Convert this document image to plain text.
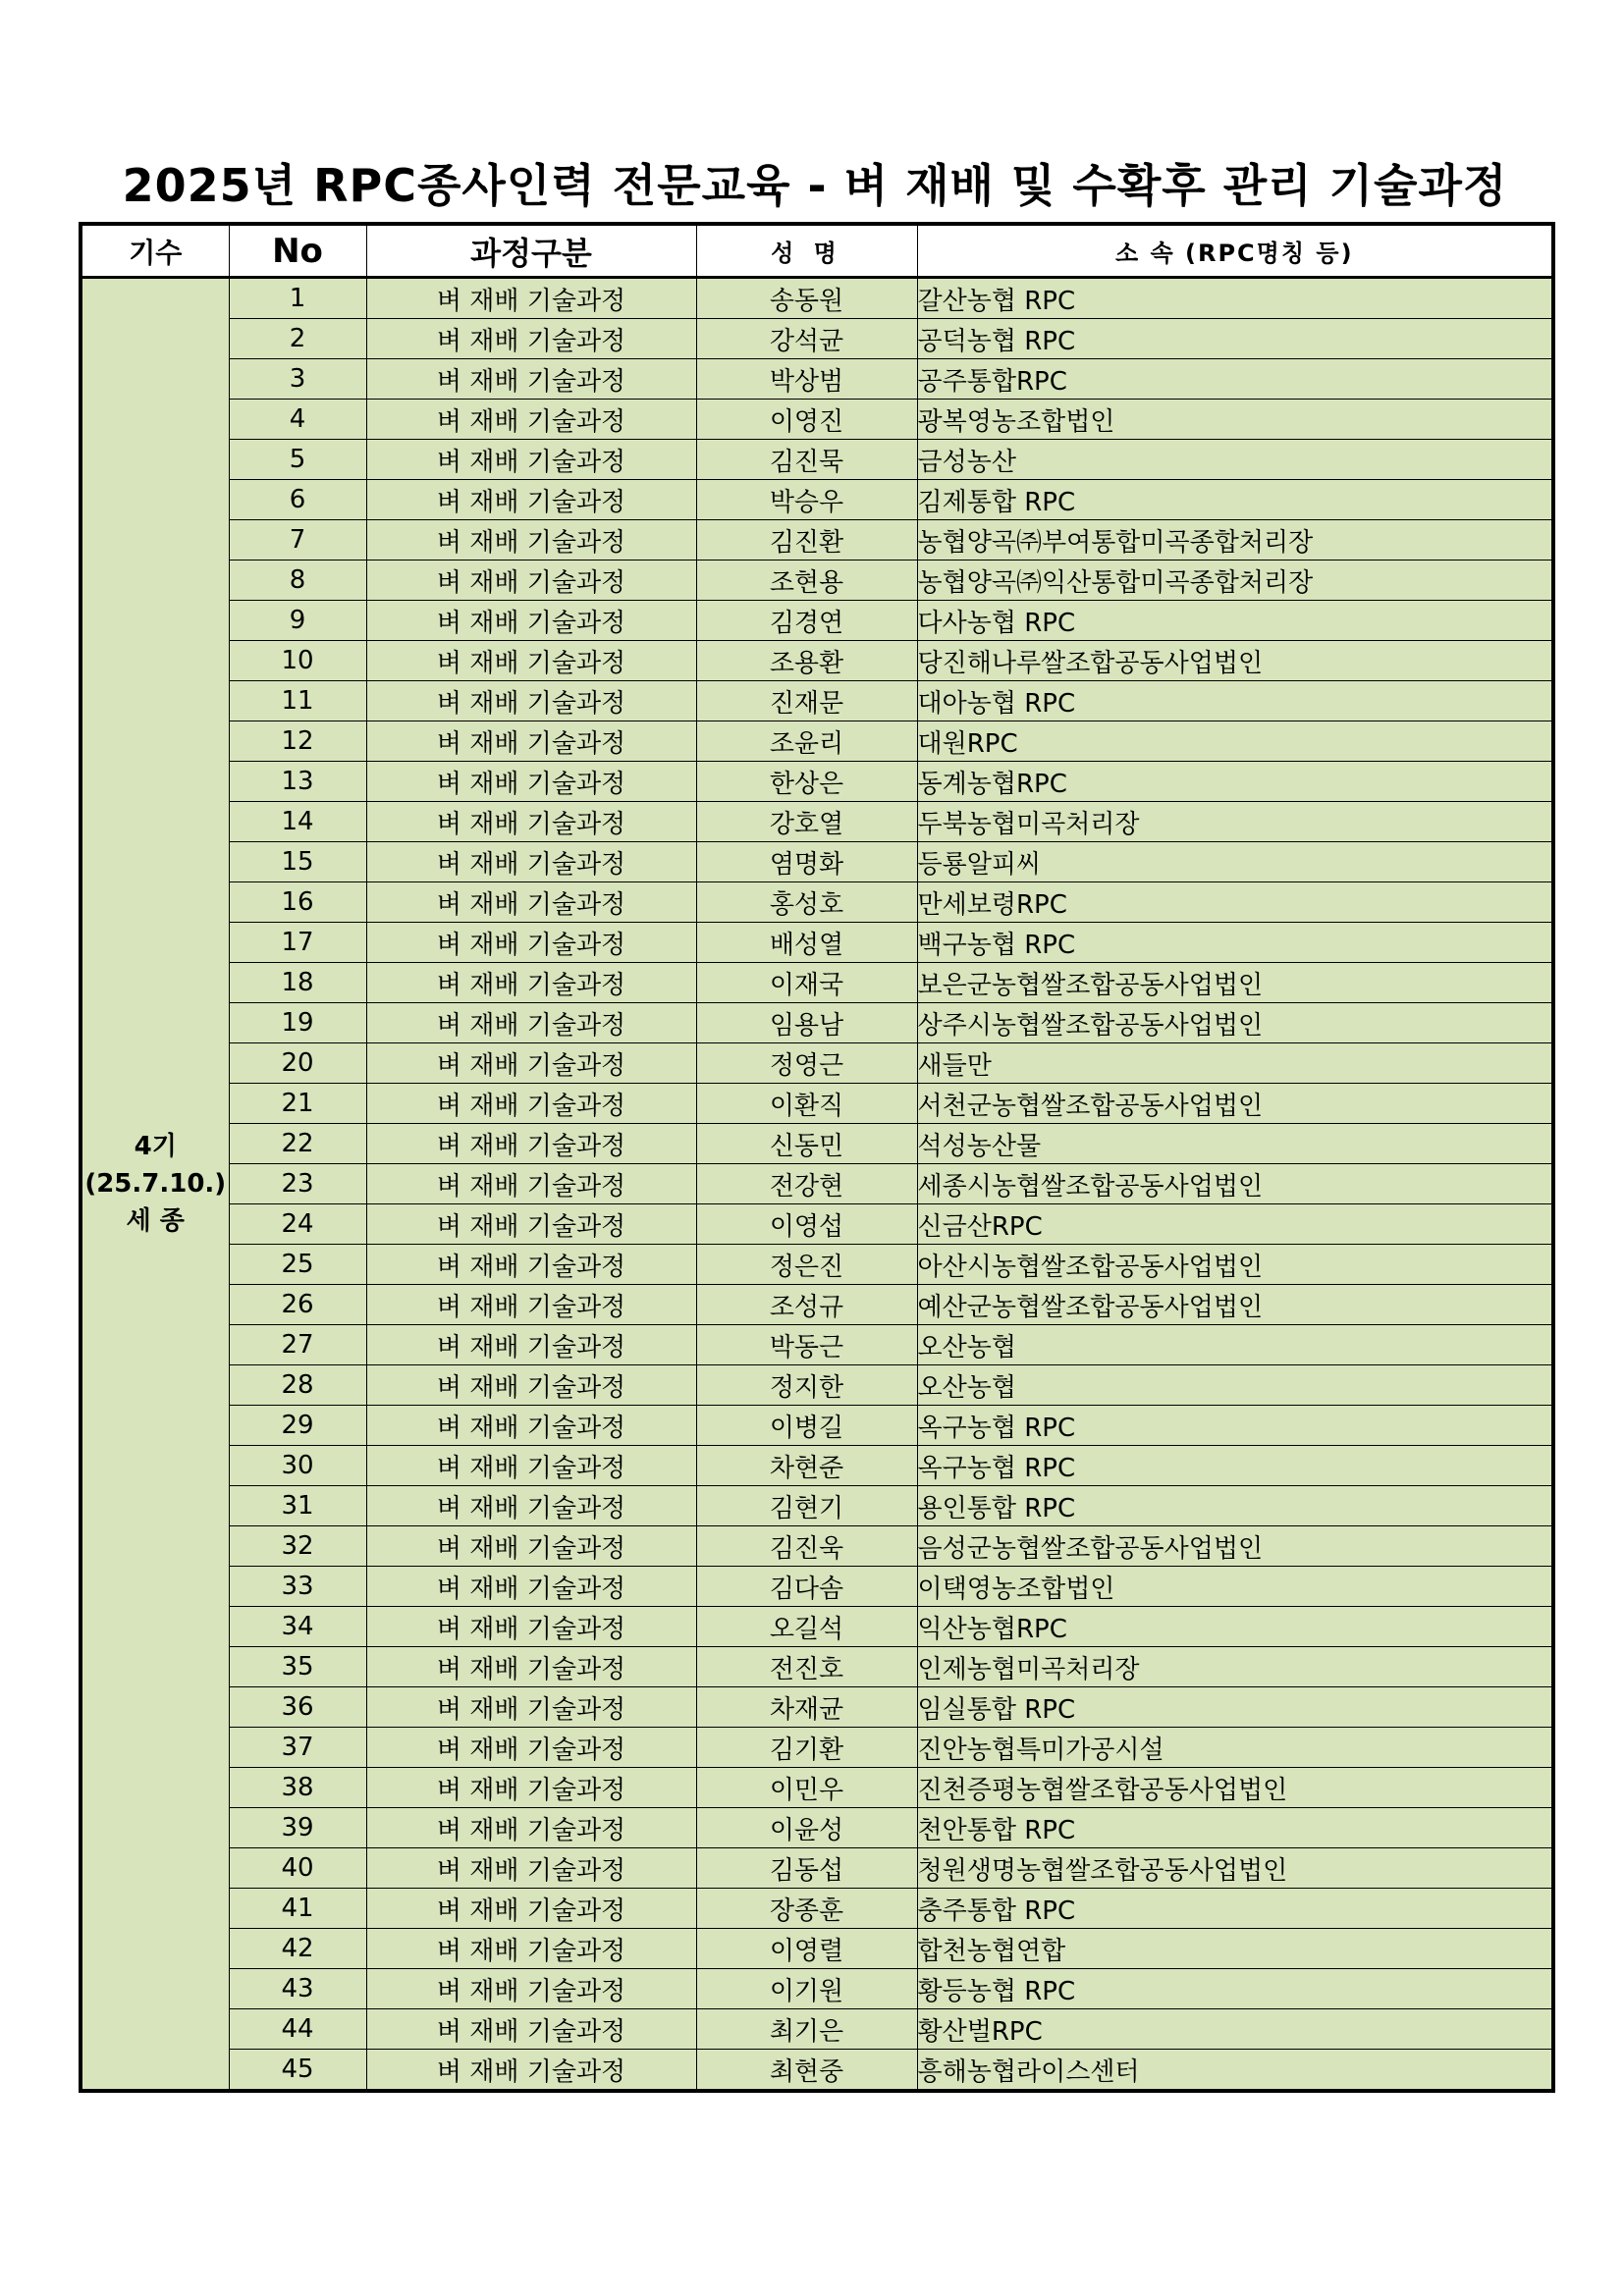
2025년 RPC종사인력 전문교육 - 벼 재배 및 수확후 관리 기술과정
기수	No	과정구분	성 명	소 속 (RPC명칭 등)

4기
(25.7.10.)
세 종	1	벼 재배 기술과정	송동원	갈산농협 RPC
	2	벼 재배 기술과정	강석균	공덕농협 RPC
	3	벼 재배 기술과정	박상범	공주통합RPC
	4	벼 재배 기술과정	이영진	광복영농조합법인
	5	벼 재배 기술과정	김진묵	금성농산
	6	벼 재배 기술과정	박승우	김제통합 RPC
	7	벼 재배 기술과정	김진환	농협양곡㈜부여통합미곡종합처리장
	8	벼 재배 기술과정	조현용	농협양곡㈜익산통합미곡종합처리장
	9	벼 재배 기술과정	김경연	다사농협 RPC
	10	벼 재배 기술과정	조용환	당진해나루쌀조합공동사업법인
	11	벼 재배 기술과정	진재문	대아농협 RPC
	12	벼 재배 기술과정	조윤리	대원RPC
	13	벼 재배 기술과정	한상은	동계농협RPC
	14	벼 재배 기술과정	강호열	두북농협미곡처리장
	15	벼 재배 기술과정	염명화	등룡알피씨
	16	벼 재배 기술과정	홍성호	만세보령RPC
	17	벼 재배 기술과정	배성열	백구농협 RPC
	18	벼 재배 기술과정	이재국	보은군농협쌀조합공동사업법인
	19	벼 재배 기술과정	임용남	상주시농협쌀조합공동사업법인
	20	벼 재배 기술과정	정영근	새들만
	21	벼 재배 기술과정	이환직	서천군농협쌀조합공동사업법인
	22	벼 재배 기술과정	신동민	석성농산물
	23	벼 재배 기술과정	전강현	세종시농협쌀조합공동사업법인
	24	벼 재배 기술과정	이영섭	신금산RPC
	25	벼 재배 기술과정	정은진	아산시농협쌀조합공동사업법인
	26	벼 재배 기술과정	조성규	예산군농협쌀조합공동사업법인
	27	벼 재배 기술과정	박동근	오산농협
	28	벼 재배 기술과정	정지한	오산농협
	29	벼 재배 기술과정	이병길	옥구농협 RPC
	30	벼 재배 기술과정	차현준	옥구농협 RPC
	31	벼 재배 기술과정	김현기	용인통합 RPC
	32	벼 재배 기술과정	김진욱	음성군농협쌀조합공동사업법인
	33	벼 재배 기술과정	김다솜	이택영농조합법인
	34	벼 재배 기술과정	오길석	익산농협RPC
	35	벼 재배 기술과정	전진호	인제농협미곡처리장
	36	벼 재배 기술과정	차재균	임실통합 RPC
	37	벼 재배 기술과정	김기환	진안농협특미가공시설
	38	벼 재배 기술과정	이민우	진천증평농협쌀조합공동사업법인
	39	벼 재배 기술과정	이윤성	천안통합 RPC
	40	벼 재배 기술과정	김동섭	청원생명농협쌀조합공동사업법인
	41	벼 재배 기술과정	장종훈	충주통합 RPC
	42	벼 재배 기술과정	이영렬	합천농협연합
	43	벼 재배 기술과정	이기원	황등농협 RPC
	44	벼 재배 기술과정	최기은	황산벌RPC
	45	벼 재배 기술과정	최현중	흥해농협라이스센터
